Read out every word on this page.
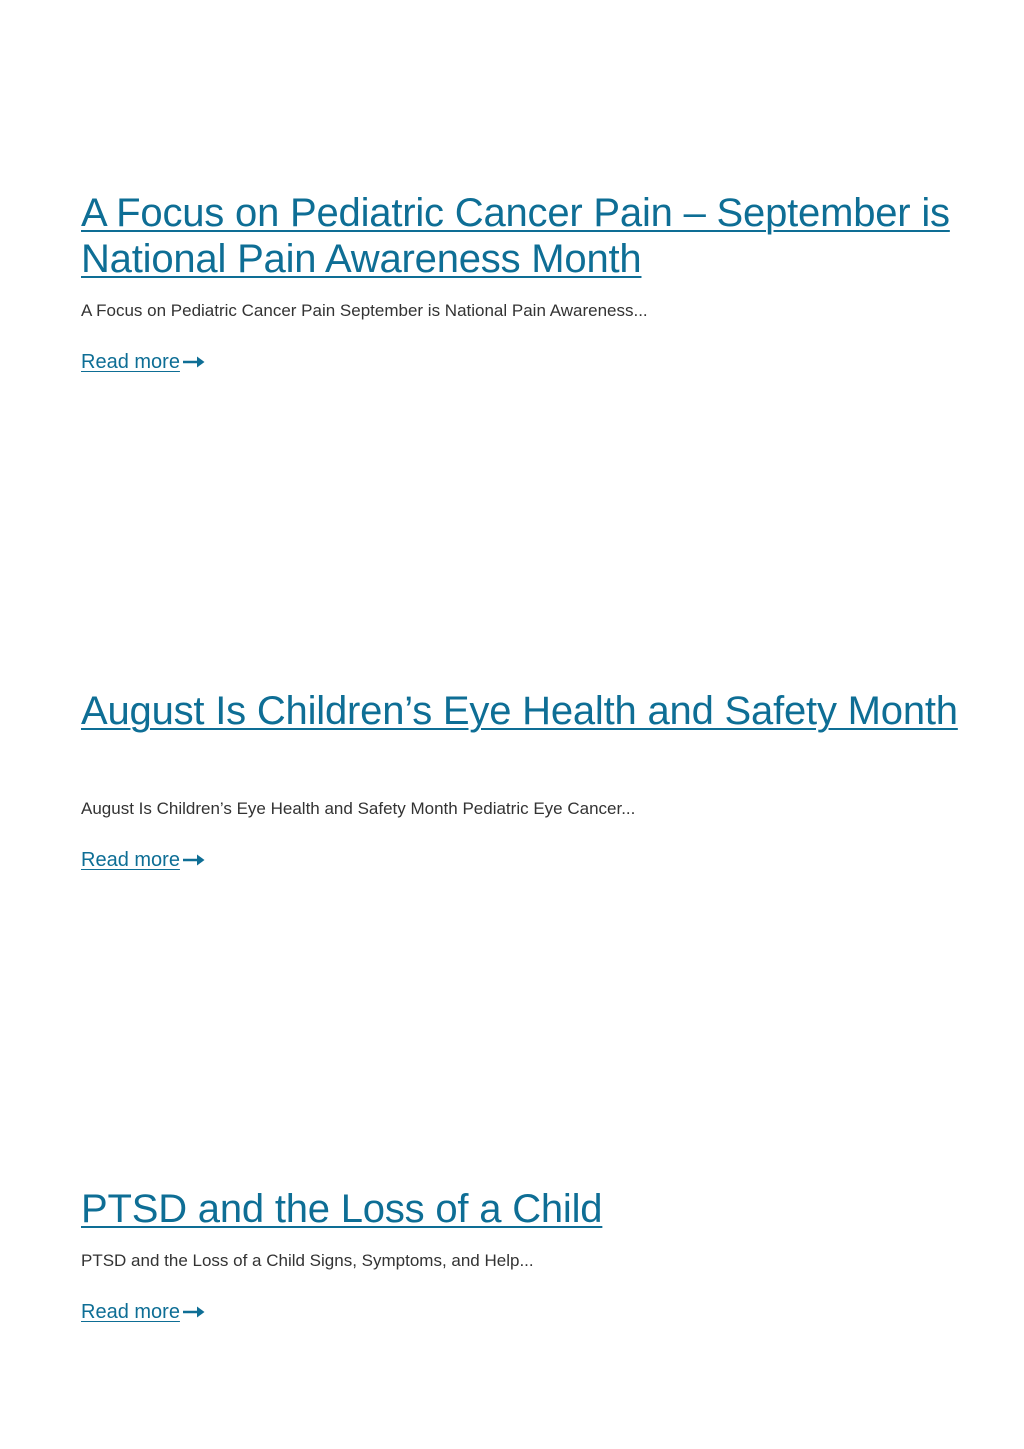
A Focus on Pediatric Cancer Pain – September is National Pain Awareness Month

A Focus on Pediatric Cancer Pain September is National Pain Awareness...

Read more
August Is Children’s Eye Health and Safety Month

August Is Children’s Eye Health and Safety Month Pediatric Eye Cancer...

Read more
PTSD and the Loss of a Child

PTSD and the Loss of a Child Signs, Symptoms, and Help...

Read more
